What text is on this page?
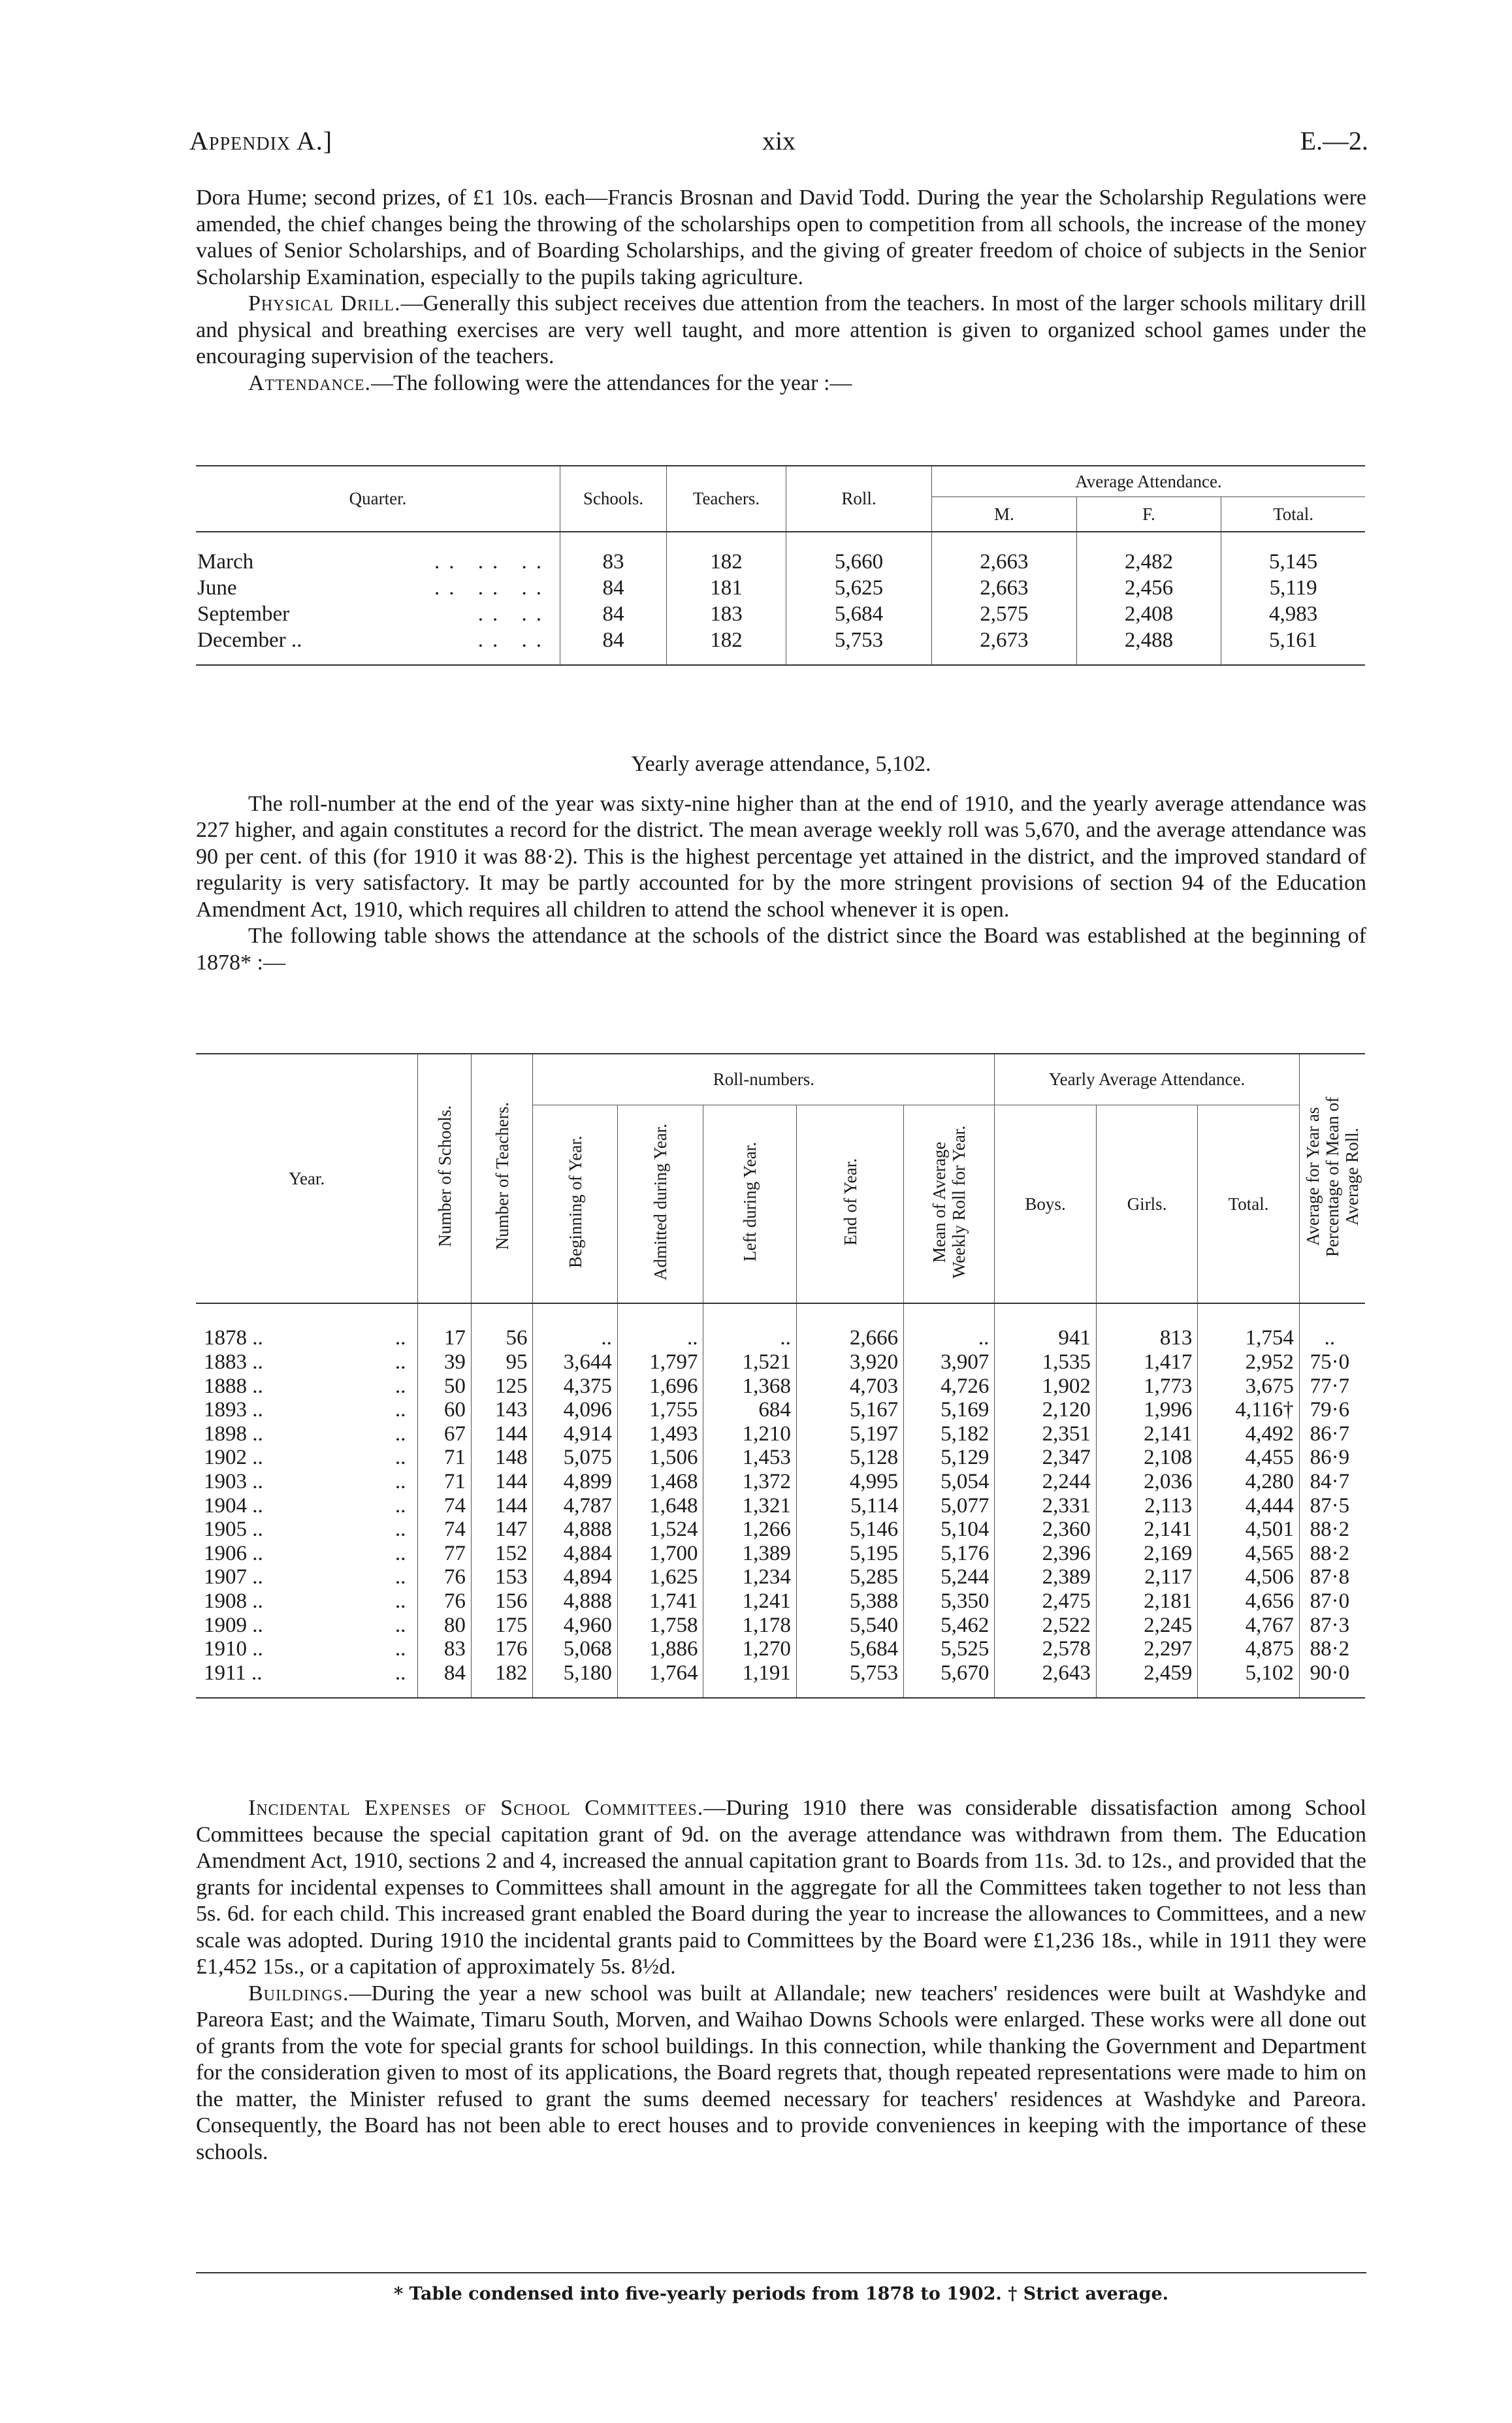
Appendix A.]	xix	E.—2.

Dora Hume; second prizes, of £1 10s. each—Francis Brosnan and David Todd. During the year the Scholarship Regulations were amended, the chief changes being the throwing of the scholarships open to competition from all schools, the increase of the money values of Senior Scholarships, and of Boarding Scholarships, and the giving of greater freedom of choice of subjects in the Senior Scholarship Examination, especially to the pupils taking agriculture.

Physical Drill.—Generally this subject receives due attention from the teachers. In most of the larger schools military drill and physical and breathing exercises are very well taught, and more attention is given to organized school games under the encouraging supervision of the teachers.

Attendance.—The following were the attendances for the year :—

Quarter.	Schools.	Teachers.	Roll.	Average Attendance.		
				M.	F.	Total.
March .. .. ..	83	182	5,660	2,663	2,482	5,145
June .. .. ..	84	181	5,625	2,663	2,456	5,119
September .. ..	84	183	5,684	2,575	2,408	4,983
December .. .. ..	84	182	5,753	2,673	2,488	5,161

Yearly average attendance, 5,102.

The roll-number at the end of the year was sixty-nine higher than at the end of 1910, and the yearly average attendance was 227 higher, and again constitutes a record for the district. The mean average weekly roll was 5,670, and the average attendance was 90 per cent. of this (for 1910 it was 88·2). This is the highest percentage yet attained in the district, and the improved standard of regularity is very satisfactory. It may be partly accounted for by the more stringent provisions of section 94 of the Education Amendment Act, 1910, which requires all children to attend the school whenever it is open.

The following table shows the attendance at the schools of the district since the Board was established at the beginning of 1878* :—

Year.	Number of Schools.	Number of Teachers.	Roll-numbers.					Yearly Average Attendance.			Average for Year as Percentage of Mean of Average Roll.
			Beginning of Year.	Admitted during Year.	Left during Year.	End of Year.	Mean of Average Weekly Roll for Year.	Boys.	Girls.	Total.	
1878 .. ..	17	56	..	..	..	2,666	..	941	813	1,754	..
1883 .. ..	39	95	3,644	1,797	1,521	3,920	3,907	1,535	1,417	2,952	75·0
1888 .. ..	50	125	4,375	1,696	1,368	4,703	4,726	1,902	1,773	3,675	77·7
1893 .. ..	60	143	4,096	1,755	684	5,167	5,169	2,120	1,996	4,116†	79·6
1898 .. ..	67	144	4,914	1,493	1,210	5,197	5,182	2,351	2,141	4,492	86·7
1902 .. ..	71	148	5,075	1,506	1,453	5,128	5,129	2,347	2,108	4,455	86·9
1903 .. ..	71	144	4,899	1,468	1,372	4,995	5,054	2,244	2,036	4,280	84·7
1904 .. ..	74	144	4,787	1,648	1,321	5,114	5,077	2,331	2,113	4,444	87·5
1905 .. ..	74	147	4,888	1,524	1,266	5,146	5,104	2,360	2,141	4,501	88·2
1906 .. ..	77	152	4,884	1,700	1,389	5,195	5,176	2,396	2,169	4,565	88·2
1907 .. ..	76	153	4,894	1,625	1,234	5,285	5,244	2,389	2,117	4,506	87·8
1908 .. ..	76	156	4,888	1,741	1,241	5,388	5,350	2,475	2,181	4,656	87·0
1909 .. ..	80	175	4,960	1,758	1,178	5,540	5,462	2,522	2,245	4,767	87·3
1910 .. ..	83	176	5,068	1,886	1,270	5,684	5,525	2,578	2,297	4,875	88·2
1911 .. ..	84	182	5,180	1,764	1,191	5,753	5,670	2,643	2,459	5,102	90·0

Incidental Expenses of School Committees.—During 1910 there was considerable dissatisfaction among School Committees because the special capitation grant of 9d. on the average attendance was withdrawn from them. The Education Amendment Act, 1910, sections 2 and 4, increased the annual capitation grant to Boards from 11s. 3d. to 12s., and provided that the grants for incidental expenses to Committees shall amount in the aggregate for all the Committees taken together to not less than 5s. 6d. for each child. This increased grant enabled the Board during the year to increase the allowances to Committees, and a new scale was adopted. During 1910 the incidental grants paid to Committees by the Board were £1,236 18s., while in 1911 they were £1,452 15s., or a capitation of approximately 5s. 8½d.

Buildings.—During the year a new school was built at Allandale; new teachers' residences were built at Washdyke and Pareora East; and the Waimate, Timaru South, Morven, and Waihao Downs Schools were enlarged. These works were all done out of grants from the vote for special grants for school buildings. In this connection, while thanking the Government and Department for the consideration given to most of its applications, the Board regrets that, though repeated representations were made to him on the matter, the Minister refused to grant the sums deemed necessary for teachers' residences at Washdyke and Pareora. Consequently, the Board has not been able to erect houses and to provide conveniences in keeping with the importance of these schools.

* Table condensed into five-yearly periods from 1878 to 1902. † Strict average.
